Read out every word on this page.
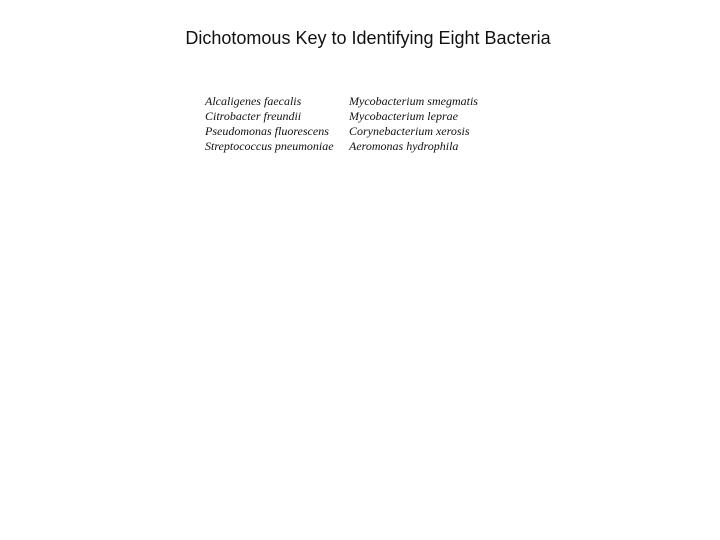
Dichotomous Key to Identifying Eight Bacteria
Alcaligenes faecalis
Citrobacter freundii
Pseudomonas fluorescens
Streptococcus pneumoniae
Mycobacterium smegmatis
Mycobacterium leprae
Corynebacterium xerosis
Aeromonas hydrophila
